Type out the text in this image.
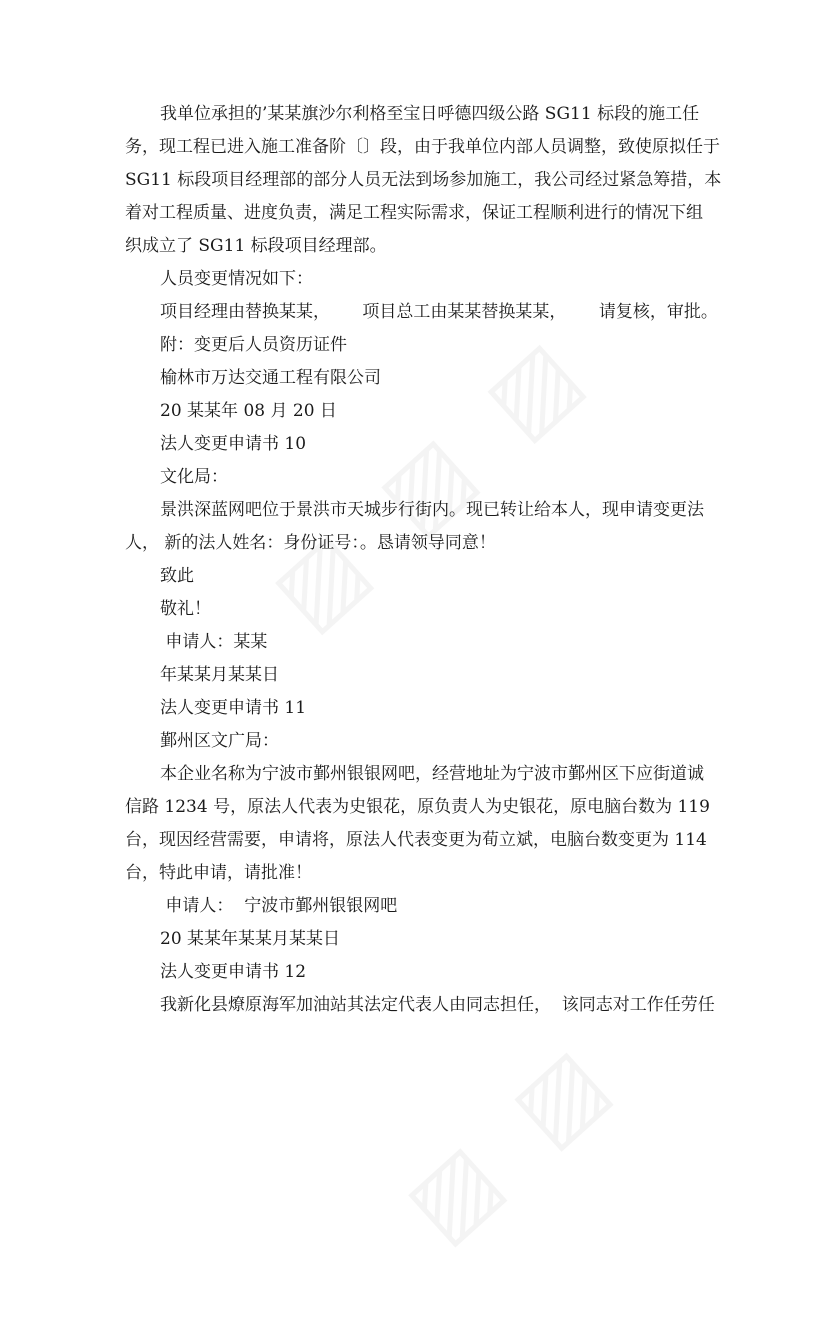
我单位承担的’某某旗沙尔利格至宝日呼德四级公路 SG11 标段的施工任
务，现工程已进入施工准备阶〔〕段，由于我单位内部人员调整，致使原拟任于
SG11 标段项目经理部的部分人员无法到场参加施工，我公司经过紧急筹措，本
着对工程质量、进度负责，满足工程实际需求，保证工程顺利进行的情况下组
织成立了 SG11 标段项目经理部。
人员变更情况如下：
项目经理由替换某某，      项目总工由某某替换某某，      请复核，审批。
附：变更后人员资历证件
榆林市万达交通工程有限公司
20 某某年 08 月 20 日
法人变更申请书 10
文化局：
景洪深蓝网吧位于景洪市天城步行街内。现已转让给本人，现申请变更法
人， 新的法人姓名：身份证号：。恳请领导同意！
致此
敬礼！
申请人：某某
年某某月某某日
法人变更申请书 11
鄞州区文广局：
本企业名称为宁波市鄞州银银网吧，经营地址为宁波市鄞州区下应街道诚
信路 1234 号，原法人代表为史银花，原负责人为史银花，原电脑台数为 119
台，现因经营需要，申请将，原法人代表变更为荀立斌，电脑台数变更为 114
台，特此申请，请批准！
申请人：  宁波市鄞州银银网吧
20 某某年某某月某某日
法人变更申请书 12
我新化县燎原海军加油站其法定代表人由同志担任，  该同志对工作任劳任
